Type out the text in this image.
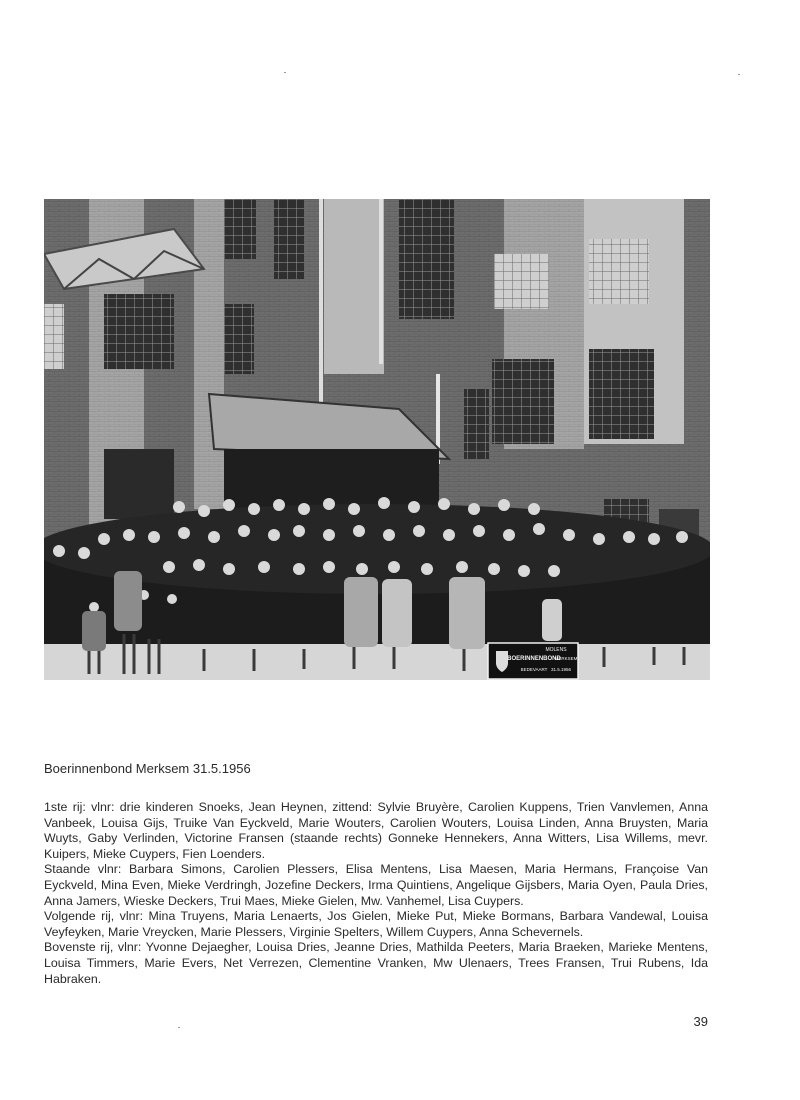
MOLENS
BOERINNENBOND
MERKSEM
BEDEVAART 31.5.1956

Boerinnenbond Merksem 31.5.1956

1ste rij: vlnr: drie kinderen Snoeks, Jean Heynen, zittend: Sylvie Bruyère, Carolien Kuppens, Trien Vanvlemen, Anna Vanbeek, Louisa Gijs, Truike Van Eyckveld, Marie Wouters, Carolien Wouters, Louisa Linden, Anna Bruysten, Maria Wuyts, Gaby Verlinden, Victorine Fransen (staande rechts) Gonneke Hennekers, Anna Witters, Lisa Willems, mevr. Kuipers, Mieke Cuypers, Fien Loenders.
Staande vlnr: Barbara Simons, Carolien Plessers, Elisa Mentens, Lisa Maesen, Maria Hermans, Françoise Van Eyckveld, Mina Even, Mieke Verdringh, Jozefine Deckers, Irma Quintiens, Angelique Gijsbers, Maria Oyen, Paula Dries, Anna Jamers, Wieske Deckers, Trui Maes, Mieke Gielen, Mw. Vanhemel, Lisa Cuypers.
Volgende rij, vlnr: Mina Truyens, Maria Lenaerts, Jos Gielen, Mieke Put, Mieke Bormans, Barbara Vandewal, Louisa Veyfeyken, Marie Vreycken, Marie Plessers, Virginie Spelters, Willem Cuypers, Anna Schevernels.
Bovenste rij, vlnr: Yvonne Dejaegher, Louisa Dries, Jeanne Dries, Mathilda Peeters, Maria Braeken, Marieke Mentens, Louisa Timmers, Marie Evers, Net Verrezen, Clementine Vranken, Mw Ulenaers, Trees Fransen, Trui Rubens, Ida Habraken.

39
